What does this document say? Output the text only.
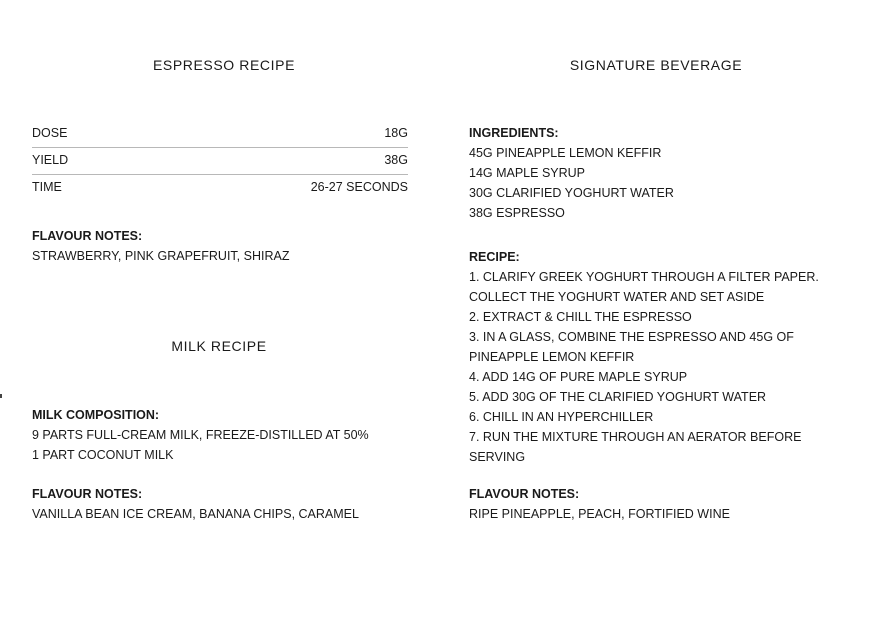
ESPRESSO RECIPE
DOSE	18G
YIELD	38G
TIME	26-27 SECONDS
FLAVOUR NOTES:
STRAWBERRY, PINK GRAPEFRUIT, SHIRAZ
MILK RECIPE
MILK COMPOSITION:
9 PARTS FULL-CREAM MILK, FREEZE-DISTILLED AT 50%
1 PART COCONUT MILK
FLAVOUR NOTES:
VANILLA BEAN ICE CREAM, BANANA CHIPS, CARAMEL
SIGNATURE BEVERAGE
INGREDIENTS:
45G PINEAPPLE LEMON KEFFIR
14G MAPLE SYRUP
30G CLARIFIED YOGHURT WATER
38G ESPRESSO
RECIPE:
1. CLARIFY GREEK YOGHURT THROUGH A FILTER PAPER.
COLLECT THE YOGHURT WATER AND SET ASIDE
2. EXTRACT & CHILL THE ESPRESSO
3. IN A GLASS, COMBINE THE ESPRESSO AND 45G OF
PINEAPPLE LEMON KEFFIR
4. ADD 14G OF PURE MAPLE SYRUP
5. ADD 30G OF THE CLARIFIED YOGHURT WATER
6. CHILL IN AN HYPERCHILLER
7. RUN THE MIXTURE THROUGH AN AERATOR BEFORE
SERVING
FLAVOUR NOTES:
RIPE PINEAPPLE, PEACH, FORTIFIED WINE
